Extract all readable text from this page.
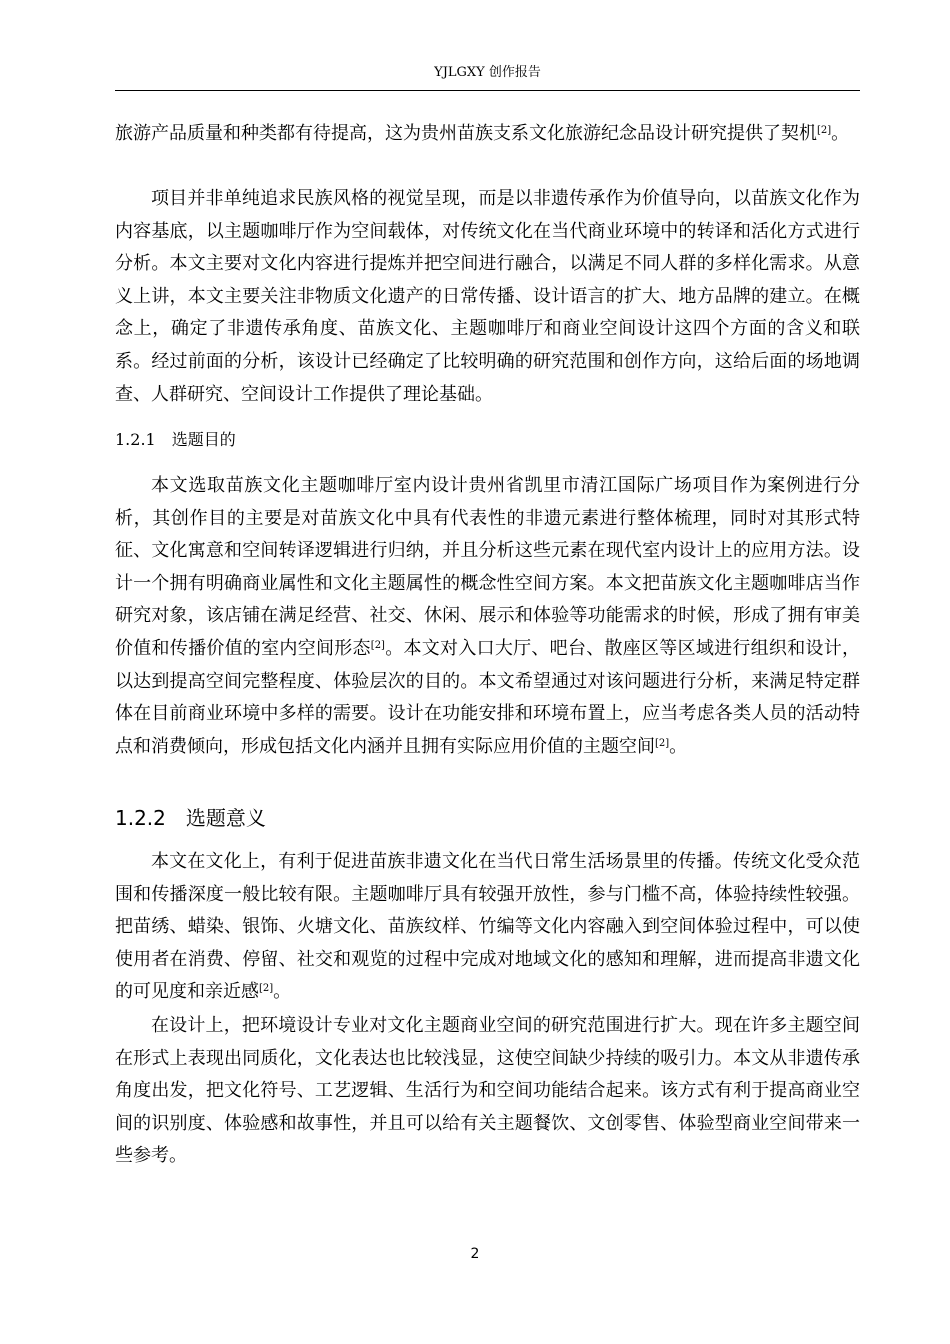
YJLGXY 创作报告

旅游产品质量和种类都有待提高，这为贵州苗族支系文化旅游纪念品设计研究提供了契机[2]。

项目并非单纯追求民族风格的视觉呈现，而是以非遗传承作为价值导向，以苗族文化作为内容基底，以主题咖啡厅作为空间载体，对传统文化在当代商业环境中的转译和活化方式进行分析。本文主要对文化内容进行提炼并把空间进行融合，以满足不同人群的多样化需求。从意义上讲，本文主要关注非物质文化遗产的日常传播、设计语言的扩大、地方品牌的建立。在概念上，确定了非遗传承角度、苗族文化、主题咖啡厅和商业空间设计这四个方面的含义和联系。经过前面的分析，该设计已经确定了比较明确的研究范围和创作方向，这给后面的场地调查、人群研究、空间设计工作提供了理论基础。

1.2.1 选题目的

本文选取苗族文化主题咖啡厅室内设计贵州省凯里市清江国际广场项目作为案例进行分析，其创作目的主要是对苗族文化中具有代表性的非遗元素进行整体梳理，同时对其形式特征、文化寓意和空间转译逻辑进行归纳，并且分析这些元素在现代室内设计上的应用方法。设计一个拥有明确商业属性和文化主题属性的概念性空间方案。本文把苗族文化主题咖啡店当作研究对象，该店铺在满足经营、社交、休闲、展示和体验等功能需求的时候，形成了拥有审美价值和传播价值的室内空间形态[2]。本文对入口大厅、吧台、散座区等区域进行组织和设计，以达到提高空间完整程度、体验层次的目的。本文希望通过对该问题进行分析，来满足特定群体在目前商业环境中多样的需要。设计在功能安排和环境布置上，应当考虑各类人员的活动特点和消费倾向，形成包括文化内涵并且拥有实际应用价值的主题空间[2]。

1.2.2 选题意义

本文在文化上，有利于促进苗族非遗文化在当代日常生活场景里的传播。传统文化受众范围和传播深度一般比较有限。主题咖啡厅具有较强开放性，参与门槛不高，体验持续性较强。把苗绣、蜡染、银饰、火塘文化、苗族纹样、竹编等文化内容融入到空间体验过程中，可以使使用者在消费、停留、社交和观览的过程中完成对地域文化的感知和理解，进而提高非遗文化的可见度和亲近感[2]。

在设计上，把环境设计专业对文化主题商业空间的研究范围进行扩大。现在许多主题空间在形式上表现出同质化，文化表达也比较浅显，这使空间缺少持续的吸引力。本文从非遗传承角度出发，把文化符号、工艺逻辑、生活行为和空间功能结合起来。该方式有利于提高商业空间的识别度、体验感和故事性，并且可以给有关主题餐饮、文创零售、体验型商业空间带来一些参考。

2
